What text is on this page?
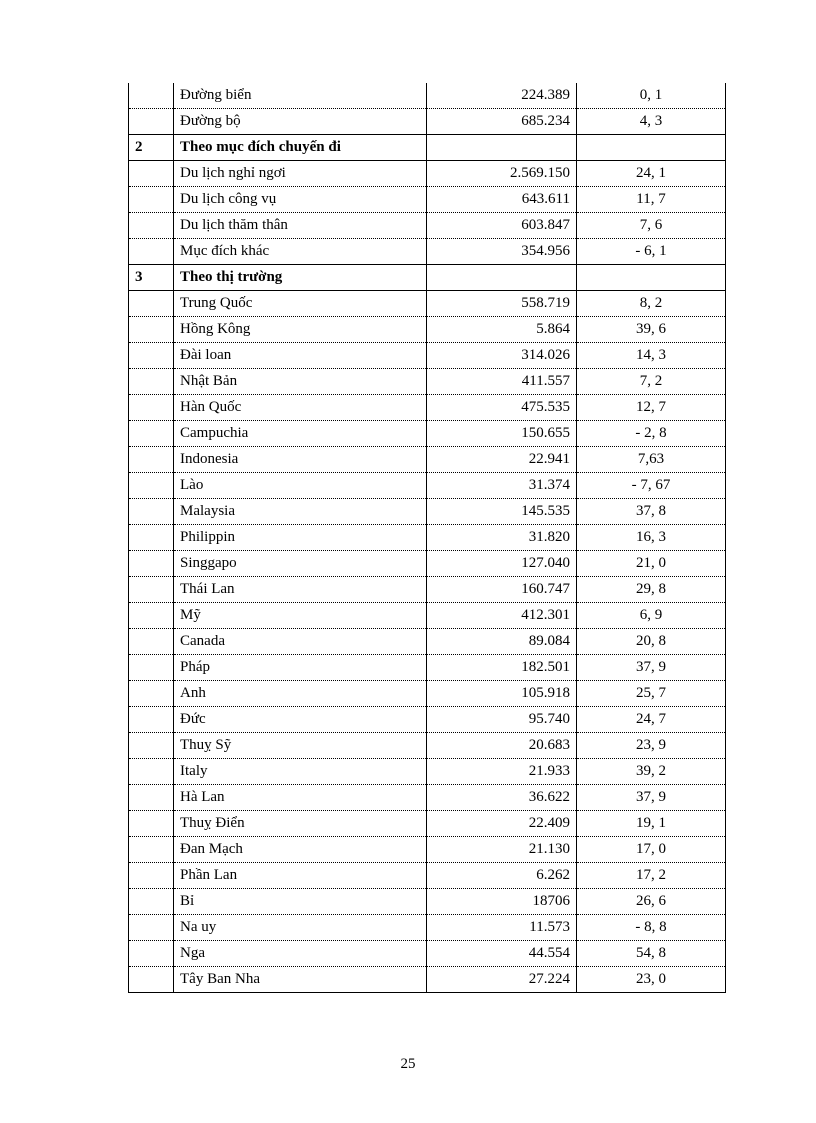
	Đường biển	224.389	0, 1
	Đường bộ	685.234	4, 3
2	Theo mục đích chuyến đi		
	Du lịch nghỉ ngơi	2.569.150	24, 1
	Du lịch công vụ	643.611	11, 7
	Du lịch thăm thân	603.847	7, 6
	Mục đích khác	354.956	- 6, 1
3	Theo thị trường		
	Trung Quốc	558.719	8, 2
	Hồng Kông	5.864	39, 6
	Đài loan	314.026	14, 3
	Nhật Bản	411.557	7, 2
	Hàn Quốc	475.535	12, 7
	Campuchia	150.655	- 2, 8
	Indonesia	22.941	7,63
	Lào	31.374	- 7, 67
	Malaysia	145.535	37, 8
	Philippin	31.820	16, 3
	Singgapo	127.040	21, 0
	Thái Lan	160.747	29, 8
	Mỹ	412.301	6, 9
	Canada	89.084	20, 8
	Pháp	182.501	37, 9
	Anh	105.918	25, 7
	Đức	95.740	24, 7
	Thuỵ Sỹ	20.683	23, 9
	Italy	21.933	39, 2
	Hà Lan	36.622	37, 9
	Thuỵ Điển	22.409	19, 1
	Đan Mạch	21.130	17, 0
	Phần Lan	6.262	17, 2
	Bỉ	18706	26, 6
	Na uy	11.573	- 8, 8
	Nga	44.554	54, 8
	Tây Ban Nha	27.224	23, 0
25
